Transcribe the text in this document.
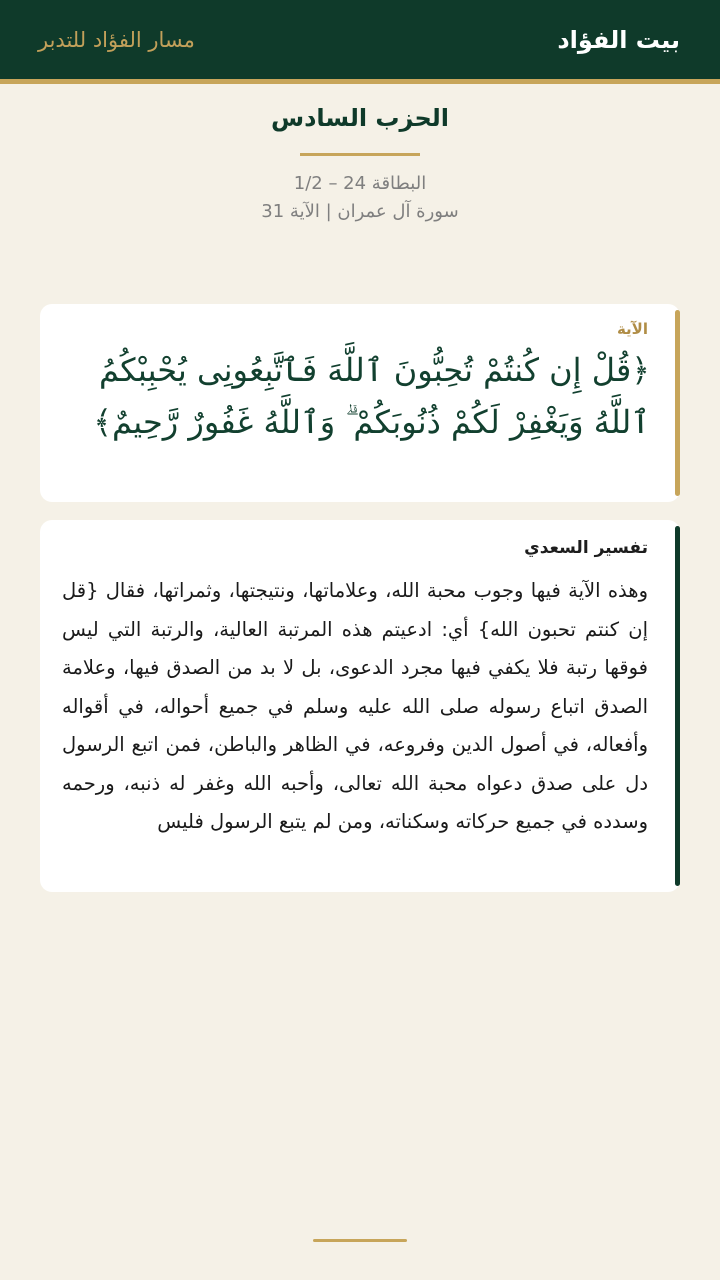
بيت الفؤاد
مسار الفؤاد للتدبر
الحزب السادس
البطاقة 24 – 1/2
سورة آل عمران | الآية 31
الآية
﴿قُلْ إِن كُنتُمْ تُحِبُّونَ ٱللَّهَ فَٱتَّبِعُونِى يُحْبِبْكُمُ ٱللَّهُ وَيَغْفِرْ لَكُمْ ذُنُوبَكُمْ ۗ وَٱللَّهُ غَفُورٌ رَّحِيمٌ﴾
تفسير السعدي
وهذه الآية فيها وجوب محبة الله، وعلاماتها، ونتيجتها، وثمراتها، فقال {قل إن كنتم تحبون الله} أي: ادعيتم هذه المرتبة العالية، والرتبة التي ليس فوقها رتبة فلا يكفي فيها مجرد الدعوى، بل لا بد من الصدق فيها، وعلامة الصدق اتباع رسوله صلى الله عليه وسلم في جميع أحواله، في أقواله وأفعاله، في أصول الدين وفروعه، في الظاهر والباطن، فمن اتبع الرسول دل على صدق دعواه محبة الله تعالى، وأحبه الله وغفر له ذنبه، ورحمه وسدده في جميع حركاته وسكناته، ومن لم يتبع الرسول فليس
